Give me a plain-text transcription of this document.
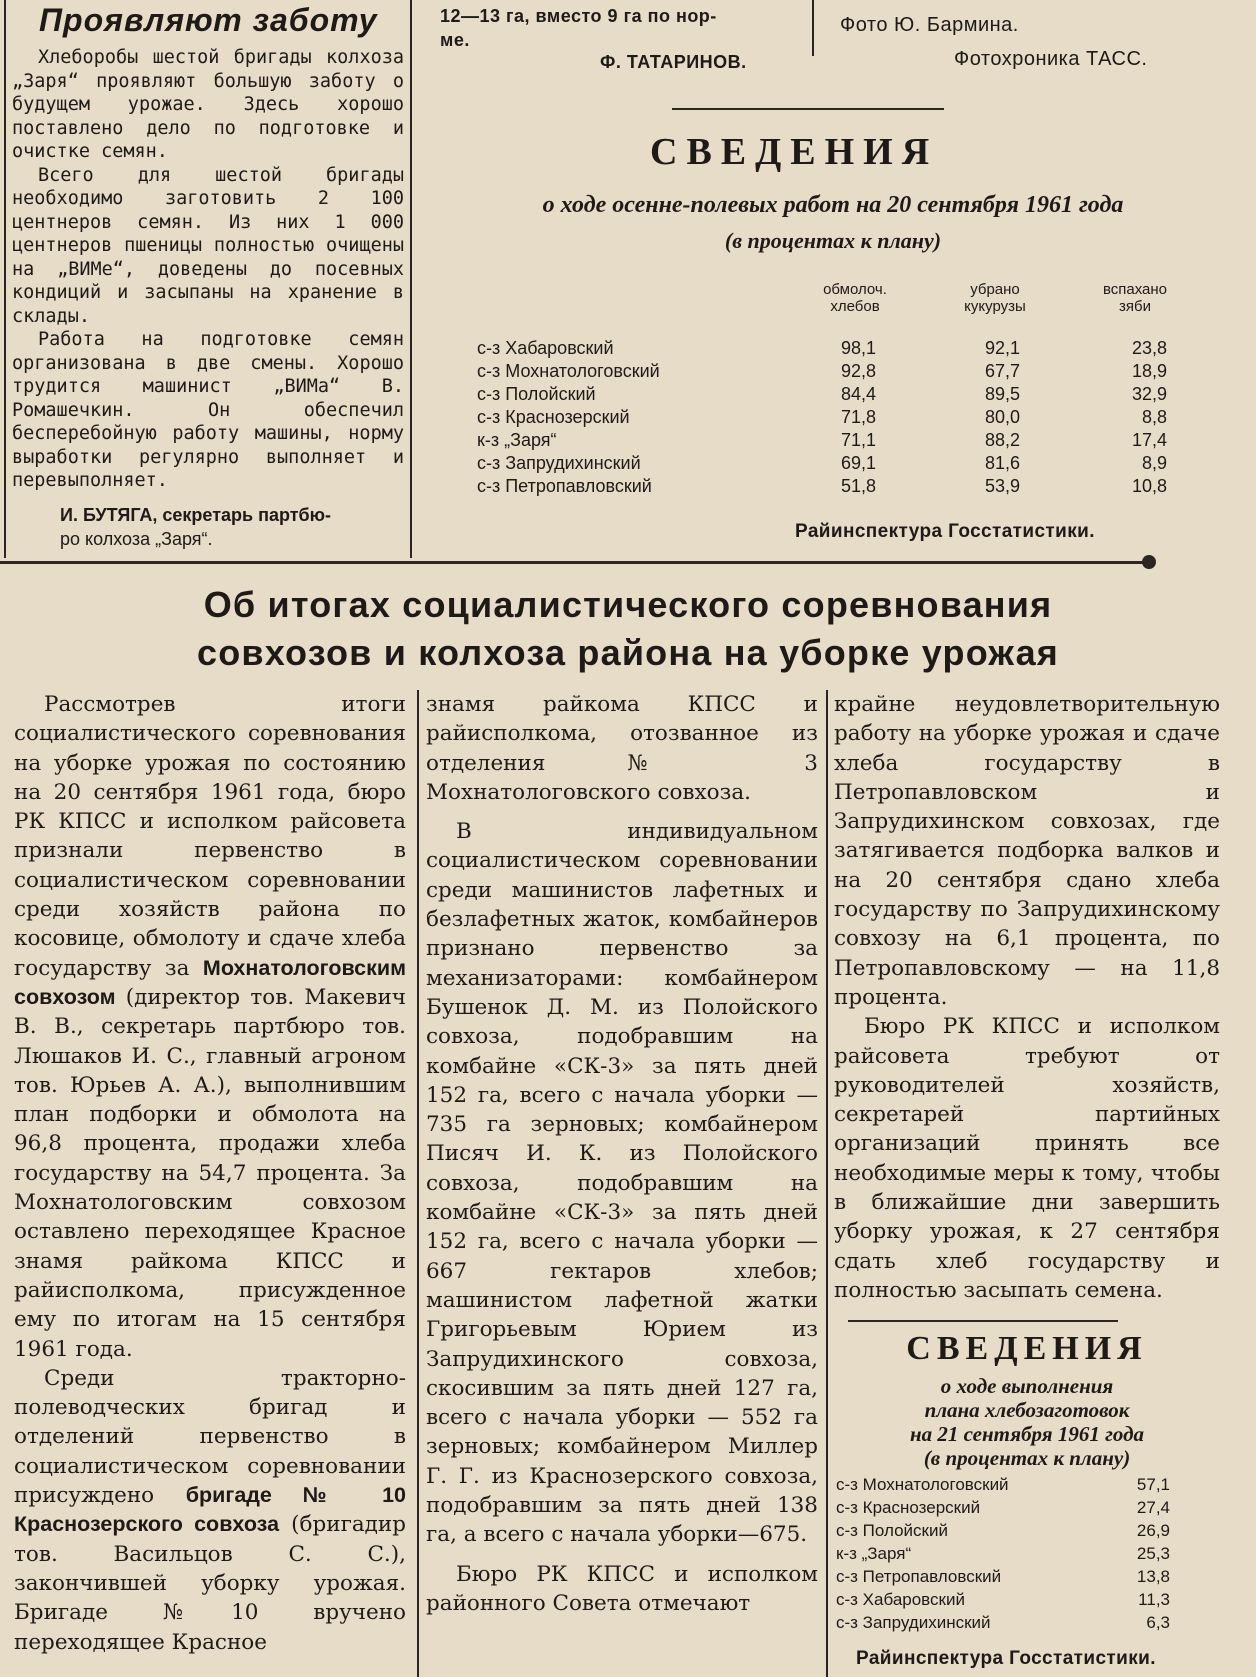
Проявляют заботу

Хлеборобы шестой бригады колхоза „Заря“ проявляют большую заботу о будущем урожае. Здесь хорошо поставлено дело по подготовке и очистке семян.

Всего для шестой бригады необходимо заготовить 2 100 центнеров семян. Из них 1 000 центнеров пшеницы полностью очищены на „ВИМе“, доведены до посевных кондиций и засыпаны на хранение в склады.

Работа на подготовке семян организована в две смены. Хорошо трудится машинист „ВИМа“ В. Ромашечкин. Он обеспечил бесперебойную работу машины, норму выработки регулярно выполняет и перевыполняет.

И. БУТЯГА, секретарь партбю-
ро колхоза „Заря“.
12—13 га, вместо 9 га по нор-
ме.
Ф. ТАТАРИНОВ.
Фото Ю. Бармина.
Фотохроника ТАСС.
СВЕДЕНИЯ
о ходе осенне-полевых работ на 20 сентября 1961 года
(в процентах к плану)
обмолоч.
хлебов
убрано
кукурузы
вспахано
зяби
с-з Хабаровский	98,1	92,1	23,8
с-з Мохнатологовский	92,8	67,7	18,9
с-з Полойский	84,4	89,5	32,9
с-з Краснозерский	71,8	80,0	8,8
к-з „Заря“	71,1	88,2	17,4
с-з Запрудихинский	69,1	81,6	8,9
с-з Петропавловский	51,8	53,9	10,8
Райинспектура Госстатистики.
Об итогах социалистического соревнования
совхозов и колхоза района на уборке урожая

Рассмотрев итоги социалистического соревнования на уборке урожая по состоянию на 20 сентября 1961 года, бюро РК КПСС и исполком райсовета признали первенство в социалистическом соревновании среди хозяйств района по косовице, обмолоту и сдаче хлеба государству за Мохнатологовским совхозом (директор тов. Макевич В. В., секретарь партбюро тов. Люшаков И. С., главный агроном тов. Юрьев А. А.), выполнившим план подборки и обмолота на 96,8 процента, продажи хлеба государству на 54,7 процента. За Мохнатологовским совхозом оставлено переходящее Красное знамя райкома КПСС и райисполкома, присужденное ему по итогам на 15 сентября 1961 года.

Среди тракторно-полеводческих бригад и отделений первенство в социалистическом соревновании присуждено бригаде № 10 Краснозерского совхоза (бригадир тов. Васильцов С. С.), закончившей уборку урожая. Бригаде №10 вручено переходящее Красное

знамя райкома КПСС и райисполкома, отозванное из отделения № 3 Мохнатологовского совхоза.

В индивидуальном социалистическом соревновании среди машинистов лафетных и безлафетных жаток, комбайнеров признано первенство за механизаторами: комбайнером Бушенок Д. М. из Полойского совхоза, подобравшим на комбайне «СК-3» за пять дней 152 га, всего с начала уборки — 735 га зерновых; комбайнером Писяч И. К. из Полойского совхоза, подобравшим на комбайне «СК-3» за пять дней 152 га, всего с начала уборки — 667 гектаров хлебов; машинистом лафетной жатки Григорьевым Юрием из Запрудихинского совхоза, скосившим за пять дней 127 га, всего с начала уборки — 552 га зерновых; комбайнером Миллер Г. Г. из Краснозерского совхоза, подобравшим за пять дней 138 га, а всего с начала уборки—675.

Бюро РК КПСС и исполком районного Совета отмечают

крайне неудовлетворительную работу на уборке урожая и сдаче хлеба государству в Петропавловском и Запрудихинском совхозах, где затягивается подборка валков и на 20 сентября сдано хлеба государству по Запрудихинскому совхозу на 6,1 процента, по Петропавловскому — на 11,8 процента.

Бюро РК КПСС и исполком райсовета требуют от руководителей хозяйств, секретарей партийных организаций принять все необходимые меры к тому, чтобы в ближайшие дни завершить уборку урожая, к 27 сентября сдать хлеб государству и полностью засыпать семена.

СВЕДЕНИЯ
о ходе выполнения
плана хлебозаготовок
на 21 сентября 1961 года
(в процентах к плану)
с-з Мохнатологовский	57,1
с-з Краснозерский	27,4
с-з Полойский	26,9
к-з „Заря“	25,3
с-з Петропавловский	13,8
с-з Хабаровский	11,3
с-з Запрудихинский	6,3
Райинспектура Госстатистики.
